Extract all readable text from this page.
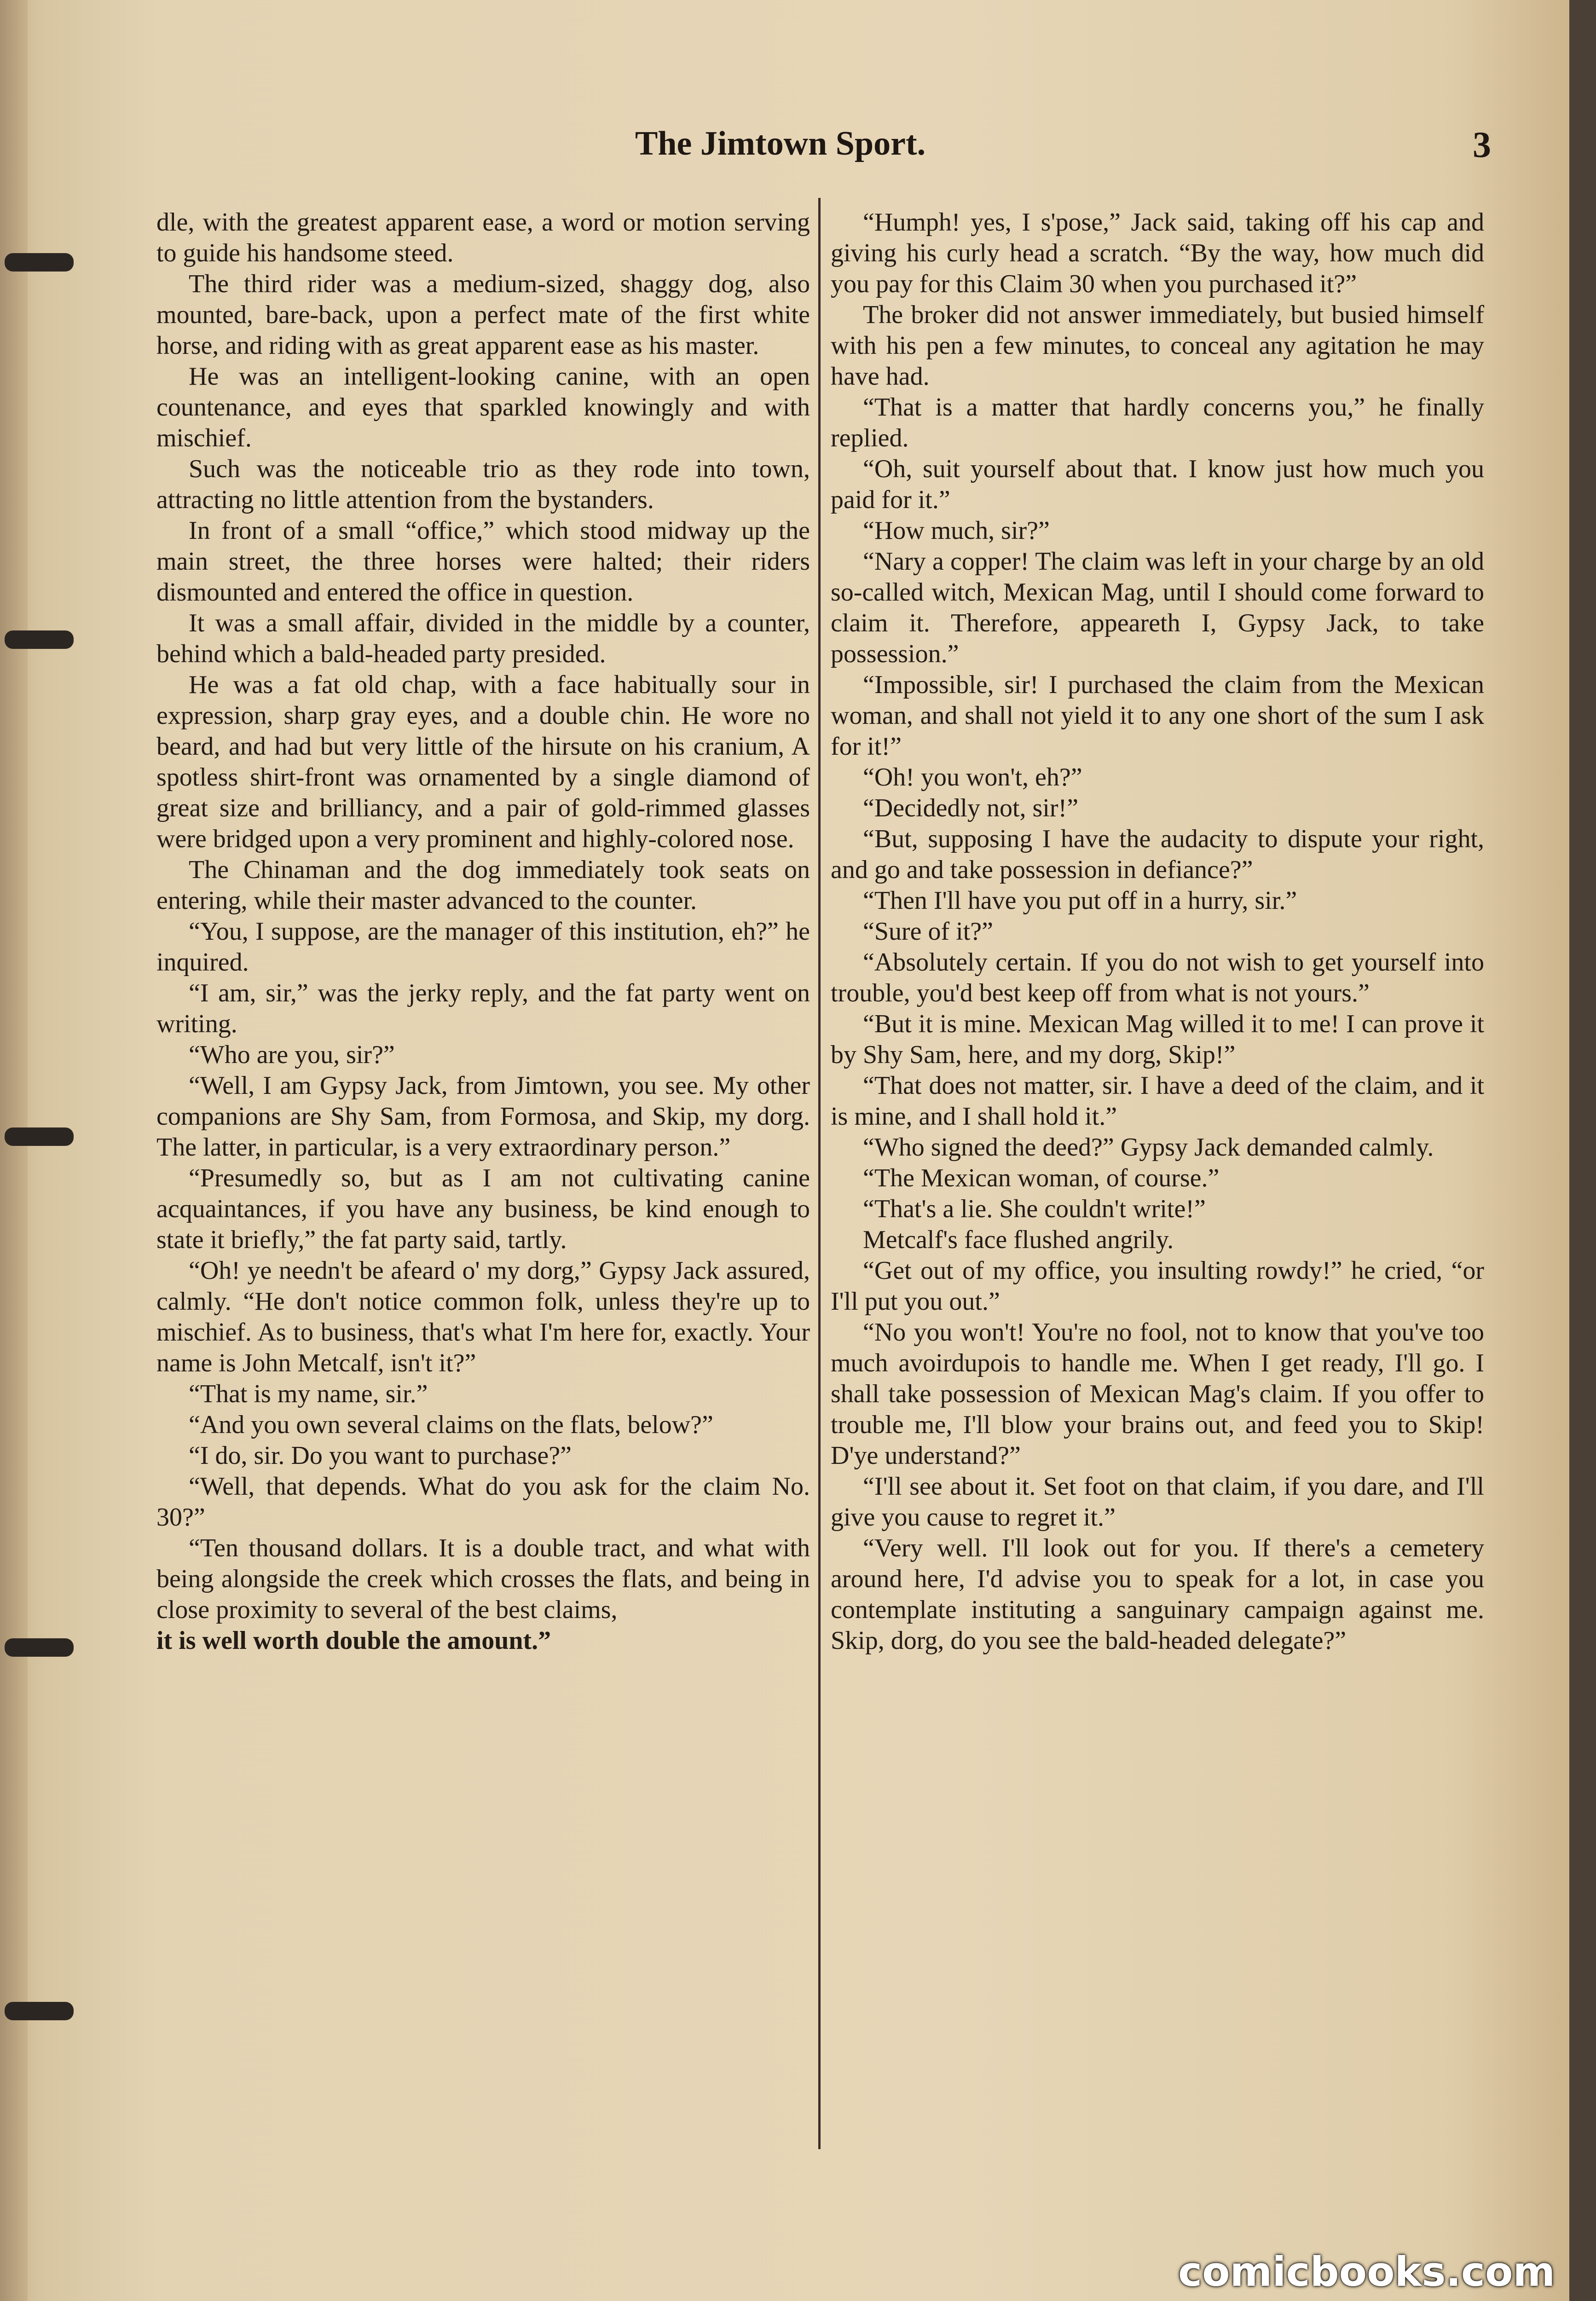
The Jimtown Sport.	3

dle, with the greatest apparent ease, a word or motion serving to guide his handsome steed.

The third rider was a medium-sized, shaggy dog, also mounted, bare-back, upon a perfect mate of the first white horse, and riding with as great apparent ease as his master.

He was an intelligent-looking canine, with an open countenance, and eyes that sparkled knowingly and with mischief.

Such was the noticeable trio as they rode into town, attracting no little attention from the bystanders.

In front of a small “office,” which stood midway up the main street, the three horses were halted; their riders dismounted and entered the office in question.

It was a small affair, divided in the middle by a counter, behind which a bald-headed party presided.

He was a fat old chap, with a face habitually sour in expression, sharp gray eyes, and a double chin. He wore no beard, and had but very little of the hirsute on his cranium, A spotless shirt-front was ornamented by a single diamond of great size and brilliancy, and a pair of gold-rimmed glasses were bridged upon a very prominent and highly-colored nose.

The Chinaman and the dog immediately took seats on entering, while their master advanced to the counter.

“You, I suppose, are the manager of this institution, eh?” he inquired.

“I am, sir,” was the jerky reply, and the fat party went on writing.

“Who are you, sir?”

“Well, I am Gypsy Jack, from Jimtown, you see. My other companions are Shy Sam, from Formosa, and Skip, my dorg. The latter, in particular, is a very extraordinary person.”

“Presumedly so, but as I am not cultivating canine acquaintances, if you have any business, be kind enough to state it briefly,” the fat party said, tartly.

“Oh! ye needn't be afeard o' my dorg,” Gypsy Jack assured, calmly. “He don't notice common folk, unless they're up to mischief. As to business, that's what I'm here for, exactly. Your name is John Metcalf, isn't it?”

“That is my name, sir.”

“And you own several claims on the flats, below?”

“I do, sir. Do you want to purchase?”

“Well, that depends. What do you ask for the claim No. 30?”

“Ten thousand dollars. It is a double tract, and what with being alongside the creek which crosses the flats, and being in close proximity to several of the best claims,

it is well worth double the amount.”

“Humph! yes, I s'pose,” Jack said, taking off his cap and giving his curly head a scratch. “By the way, how much did you pay for this Claim 30 when you purchased it?”

The broker did not answer immediately, but busied himself with his pen a few minutes, to conceal any agitation he may have had.

“That is a matter that hardly concerns you,” he finally replied.

“Oh, suit yourself about that. I know just how much you paid for it.”

“How much, sir?”

“Nary a copper! The claim was left in your charge by an old so-called witch, Mexican Mag, until I should come forward to claim it. Therefore, appeareth I, Gypsy Jack, to take possession.”

“Impossible, sir! I purchased the claim from the Mexican woman, and shall not yield it to any one short of the sum I ask for it!”

“Oh! you won't, eh?”

“Decidedly not, sir!”

“But, supposing I have the audacity to dispute your right, and go and take possession in defiance?”

“Then I'll have you put off in a hurry, sir.”

“Sure of it?”

“Absolutely certain. If you do not wish to get yourself into trouble, you'd best keep off from what is not yours.”

“But it is mine. Mexican Mag willed it to me! I can prove it by Shy Sam, here, and my dorg, Skip!”

“That does not matter, sir. I have a deed of the claim, and it is mine, and I shall hold it.”

“Who signed the deed?” Gypsy Jack demanded calmly.

“The Mexican woman, of course.”

“That's a lie. She couldn't write!”

Metcalf's face flushed angrily.

“Get out of my office, you insulting rowdy!” he cried, “or I'll put you out.”

“No you won't! You're no fool, not to know that you've too much avoirdupois to handle me. When I get ready, I'll go. I shall take possession of Mexican Mag's claim. If you offer to trouble me, I'll blow your brains out, and feed you to Skip! D'ye understand?”

“I'll see about it. Set foot on that claim, if you dare, and I'll give you cause to regret it.”

“Very well. I'll look out for you. If there's a cemetery around here, I'd advise you to speak for a lot, in case you contemplate instituting a sanguinary campaign against me. Skip, dorg, do you see the bald-headed delegate?”

comicbooks.com
